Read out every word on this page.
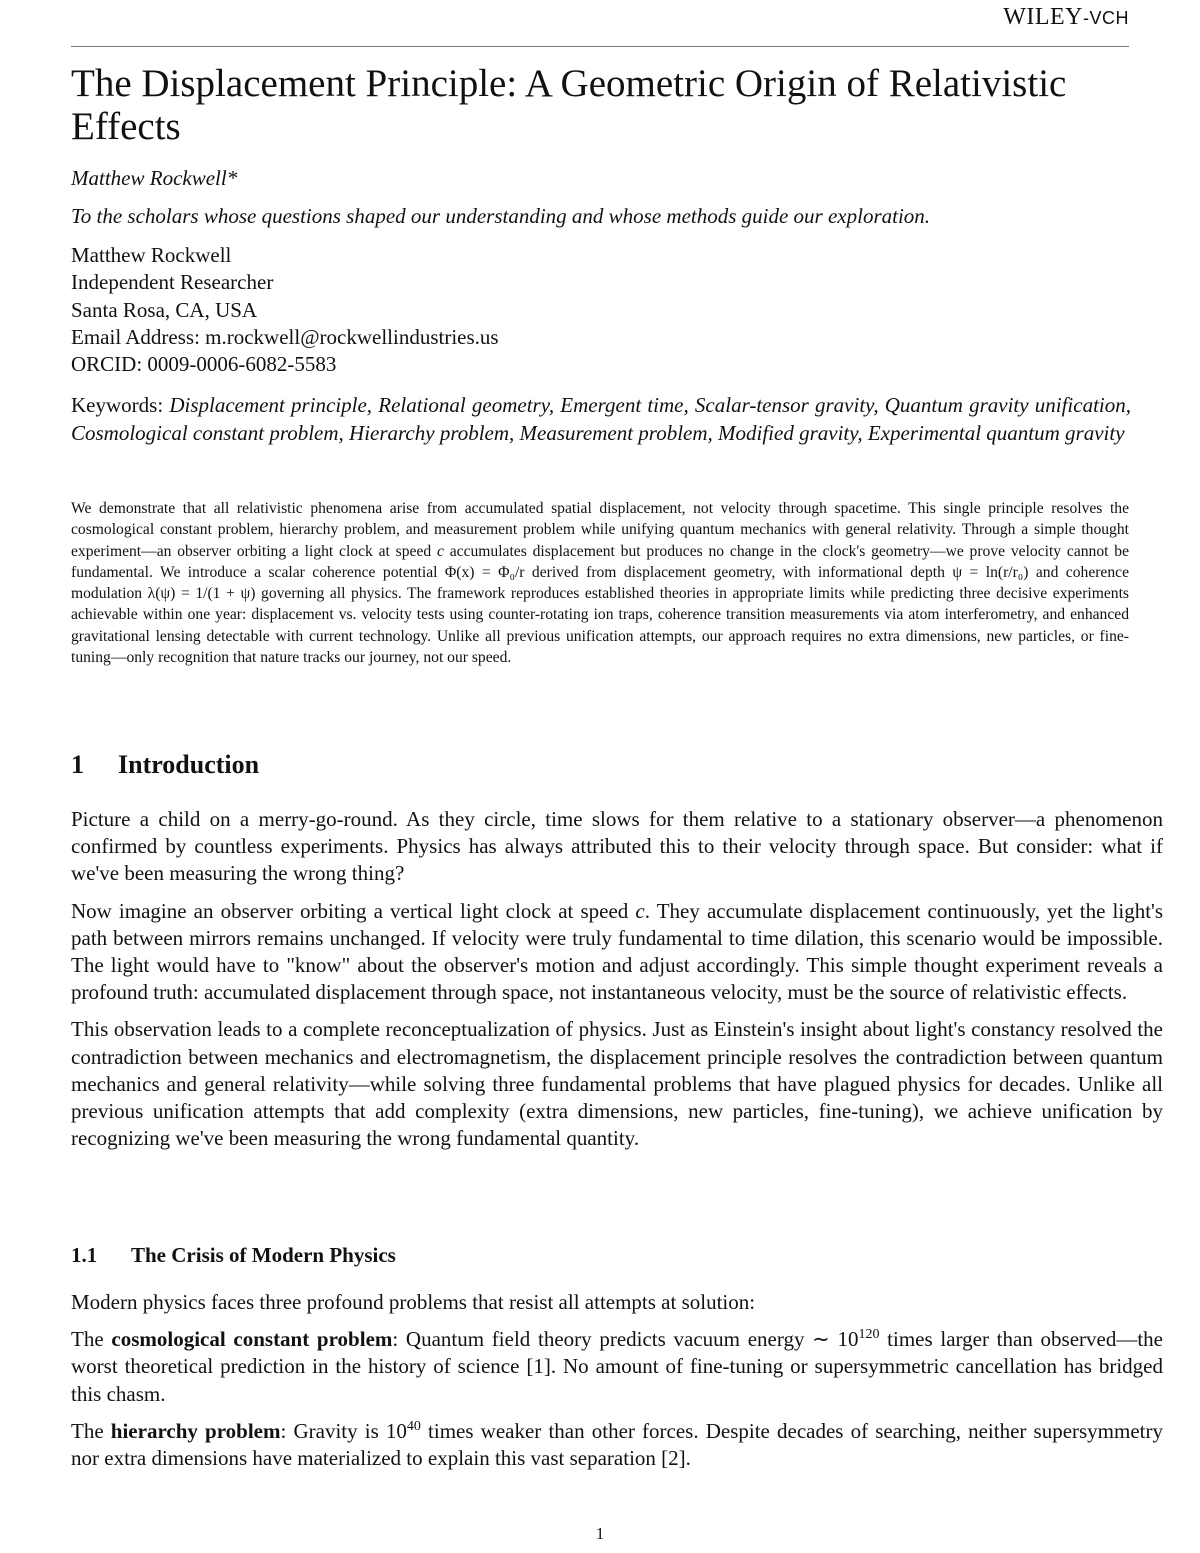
WILEY-VCH
The Displacement Principle: A Geometric Origin of Relativistic Effects
Matthew Rockwell*
To the scholars whose questions shaped our understanding and whose methods guide our exploration.
Matthew Rockwell
Independent Researcher
Santa Rosa, CA, USA
Email Address: m.rockwell@rockwellindustries.us
ORCID: 0009-0006-6082-5583
Keywords: Displacement principle, Relational geometry, Emergent time, Scalar-tensor gravity, Quantum gravity unification, Cosmological constant problem, Hierarchy problem, Measurement problem, Modified gravity, Experimental quantum gravity

We demonstrate that all relativistic phenomena arise from accumulated spatial displacement, not velocity through spacetime. This single principle resolves the cosmological constant problem, hierarchy problem, and measurement problem while unifying quantum mechanics with general relativity. Through a simple thought experiment—an observer orbiting a light clock at speed c accumulates displacement but produces no change in the clock's geometry—we prove velocity cannot be fundamental. We introduce a scalar coherence potential Φ(x) = Φ₀/r derived from displacement geometry, with informational depth ψ = ln(r/r₀) and coherence modulation λ(ψ) = 1/(1 + ψ) governing all physics. The framework reproduces established theories in appropriate limits while predicting three decisive experiments achievable within one year: displacement vs. velocity tests using counter-rotating ion traps, coherence transition measurements via atom interferometry, and enhanced gravitational lensing detectable with current technology. Unlike all previous unification attempts, our approach requires no extra dimensions, new particles, or fine-tuning—only recognition that nature tracks our journey, not our speed.

1 Introduction

Picture a child on a merry-go-round. As they circle, time slows for them relative to a stationary observer—a phenomenon confirmed by countless experiments. Physics has always attributed this to their velocity through space. But consider: what if we've been measuring the wrong thing?

Now imagine an observer orbiting a vertical light clock at speed c. They accumulate displacement continuously, yet the light's path between mirrors remains unchanged. If velocity were truly fundamental to time dilation, this scenario would be impossible. The light would have to "know" about the observer's motion and adjust accordingly. This simple thought experiment reveals a profound truth: accumulated displacement through space, not instantaneous velocity, must be the source of relativistic effects.

This observation leads to a complete reconceptualization of physics. Just as Einstein's insight about light's constancy resolved the contradiction between mechanics and electromagnetism, the displacement principle resolves the contradiction between quantum mechanics and general relativity—while solving three fundamental problems that have plagued physics for decades. Unlike all previous unification attempts that add complexity (extra dimensions, new particles, fine-tuning), we achieve unification by recognizing we've been measuring the wrong fundamental quantity.

1.1 The Crisis of Modern Physics

Modern physics faces three profound problems that resist all attempts at solution:

The cosmological constant problem: Quantum field theory predicts vacuum energy ∼ $10^{120}$ times larger than observed—the worst theoretical prediction in the history of science [1]. No amount of fine-tuning or supersymmetric cancellation has bridged this chasm.

The hierarchy problem: Gravity is $10^{40}$ times weaker than other forces. Despite decades of searching, neither supersymmetry nor extra dimensions have materialized to explain this vast separation [2].

1
